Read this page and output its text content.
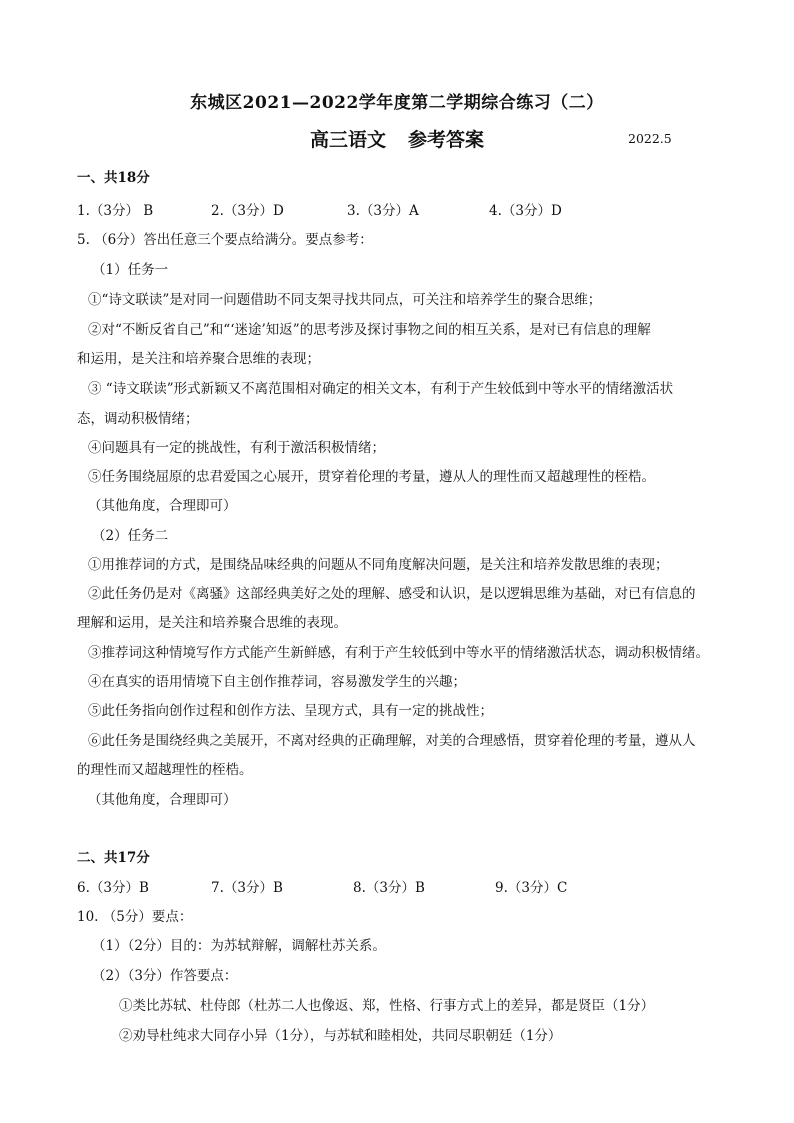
东城区2021—2022学年度第二学期综合练习（二）
高三语文 参考答案	2022.5
一、共18分
1.（3分） B	2.（3分）D	3.（3分）A	4.（3分）D
5. （6分）答出任意三个要点给满分。要点参考：
（1）任务一
①“诗文联读”是对同一问题借助不同支架寻找共同点，可关注和培养学生的聚合思维；
②对“不断反省自己”和“‘迷途’知返”的思考涉及探讨事物之间的相互关系，是对已有信息的理解
和运用，是关注和培养聚合思维的表现；
③ “诗文联读”形式新颖又不离范围相对确定的相关文本，有利于产生较低到中等水平的情绪激活状
态，调动积极情绪；
④问题具有一定的挑战性，有利于激活积极情绪；
⑤任务围绕屈原的忠君爱国之心展开，贯穿着伦理的考量，遵从人的理性而又超越理性的桎梏。
（其他角度，合理即可）
（2）任务二
①用推荐词的方式，是围绕品味经典的问题从不同角度解决问题，是关注和培养发散思维的表现；
②此任务仍是对《离骚》这部经典美好之处的理解、感受和认识，是以逻辑思维为基础，对已有信息的
理解和运用，是关注和培养聚合思维的表现。
③推荐词这种情境写作方式能产生新鲜感，有利于产生较低到中等水平的情绪激活状态，调动积极情绪。
④在真实的语用情境下自主创作推荐词，容易激发学生的兴趣；
⑤此任务指向创作过程和创作方法、呈现方式，具有一定的挑战性；
⑥此任务是围绕经典之美展开，不离对经典的正确理解，对美的合理感悟，贯穿着伦理的考量，遵从人
的理性而又超越理性的桎梏。
（其他角度，合理即可）
二、共17分
6.（3分）B	7.（3分）B	8.（3分）B	9.（3分）C
10. （5分）要点：
（1）（2分）目的：为苏轼辩解，调解杜苏关系。
（2）（3分）作答要点：
①类比苏轼、杜侍郎（杜苏二人也像返、郑，性格、行事方式上的差异，都是贤臣（1分）
②劝导杜纯求大同存小异（1分），与苏轼和睦相处，共同尽职朝廷（1分）
